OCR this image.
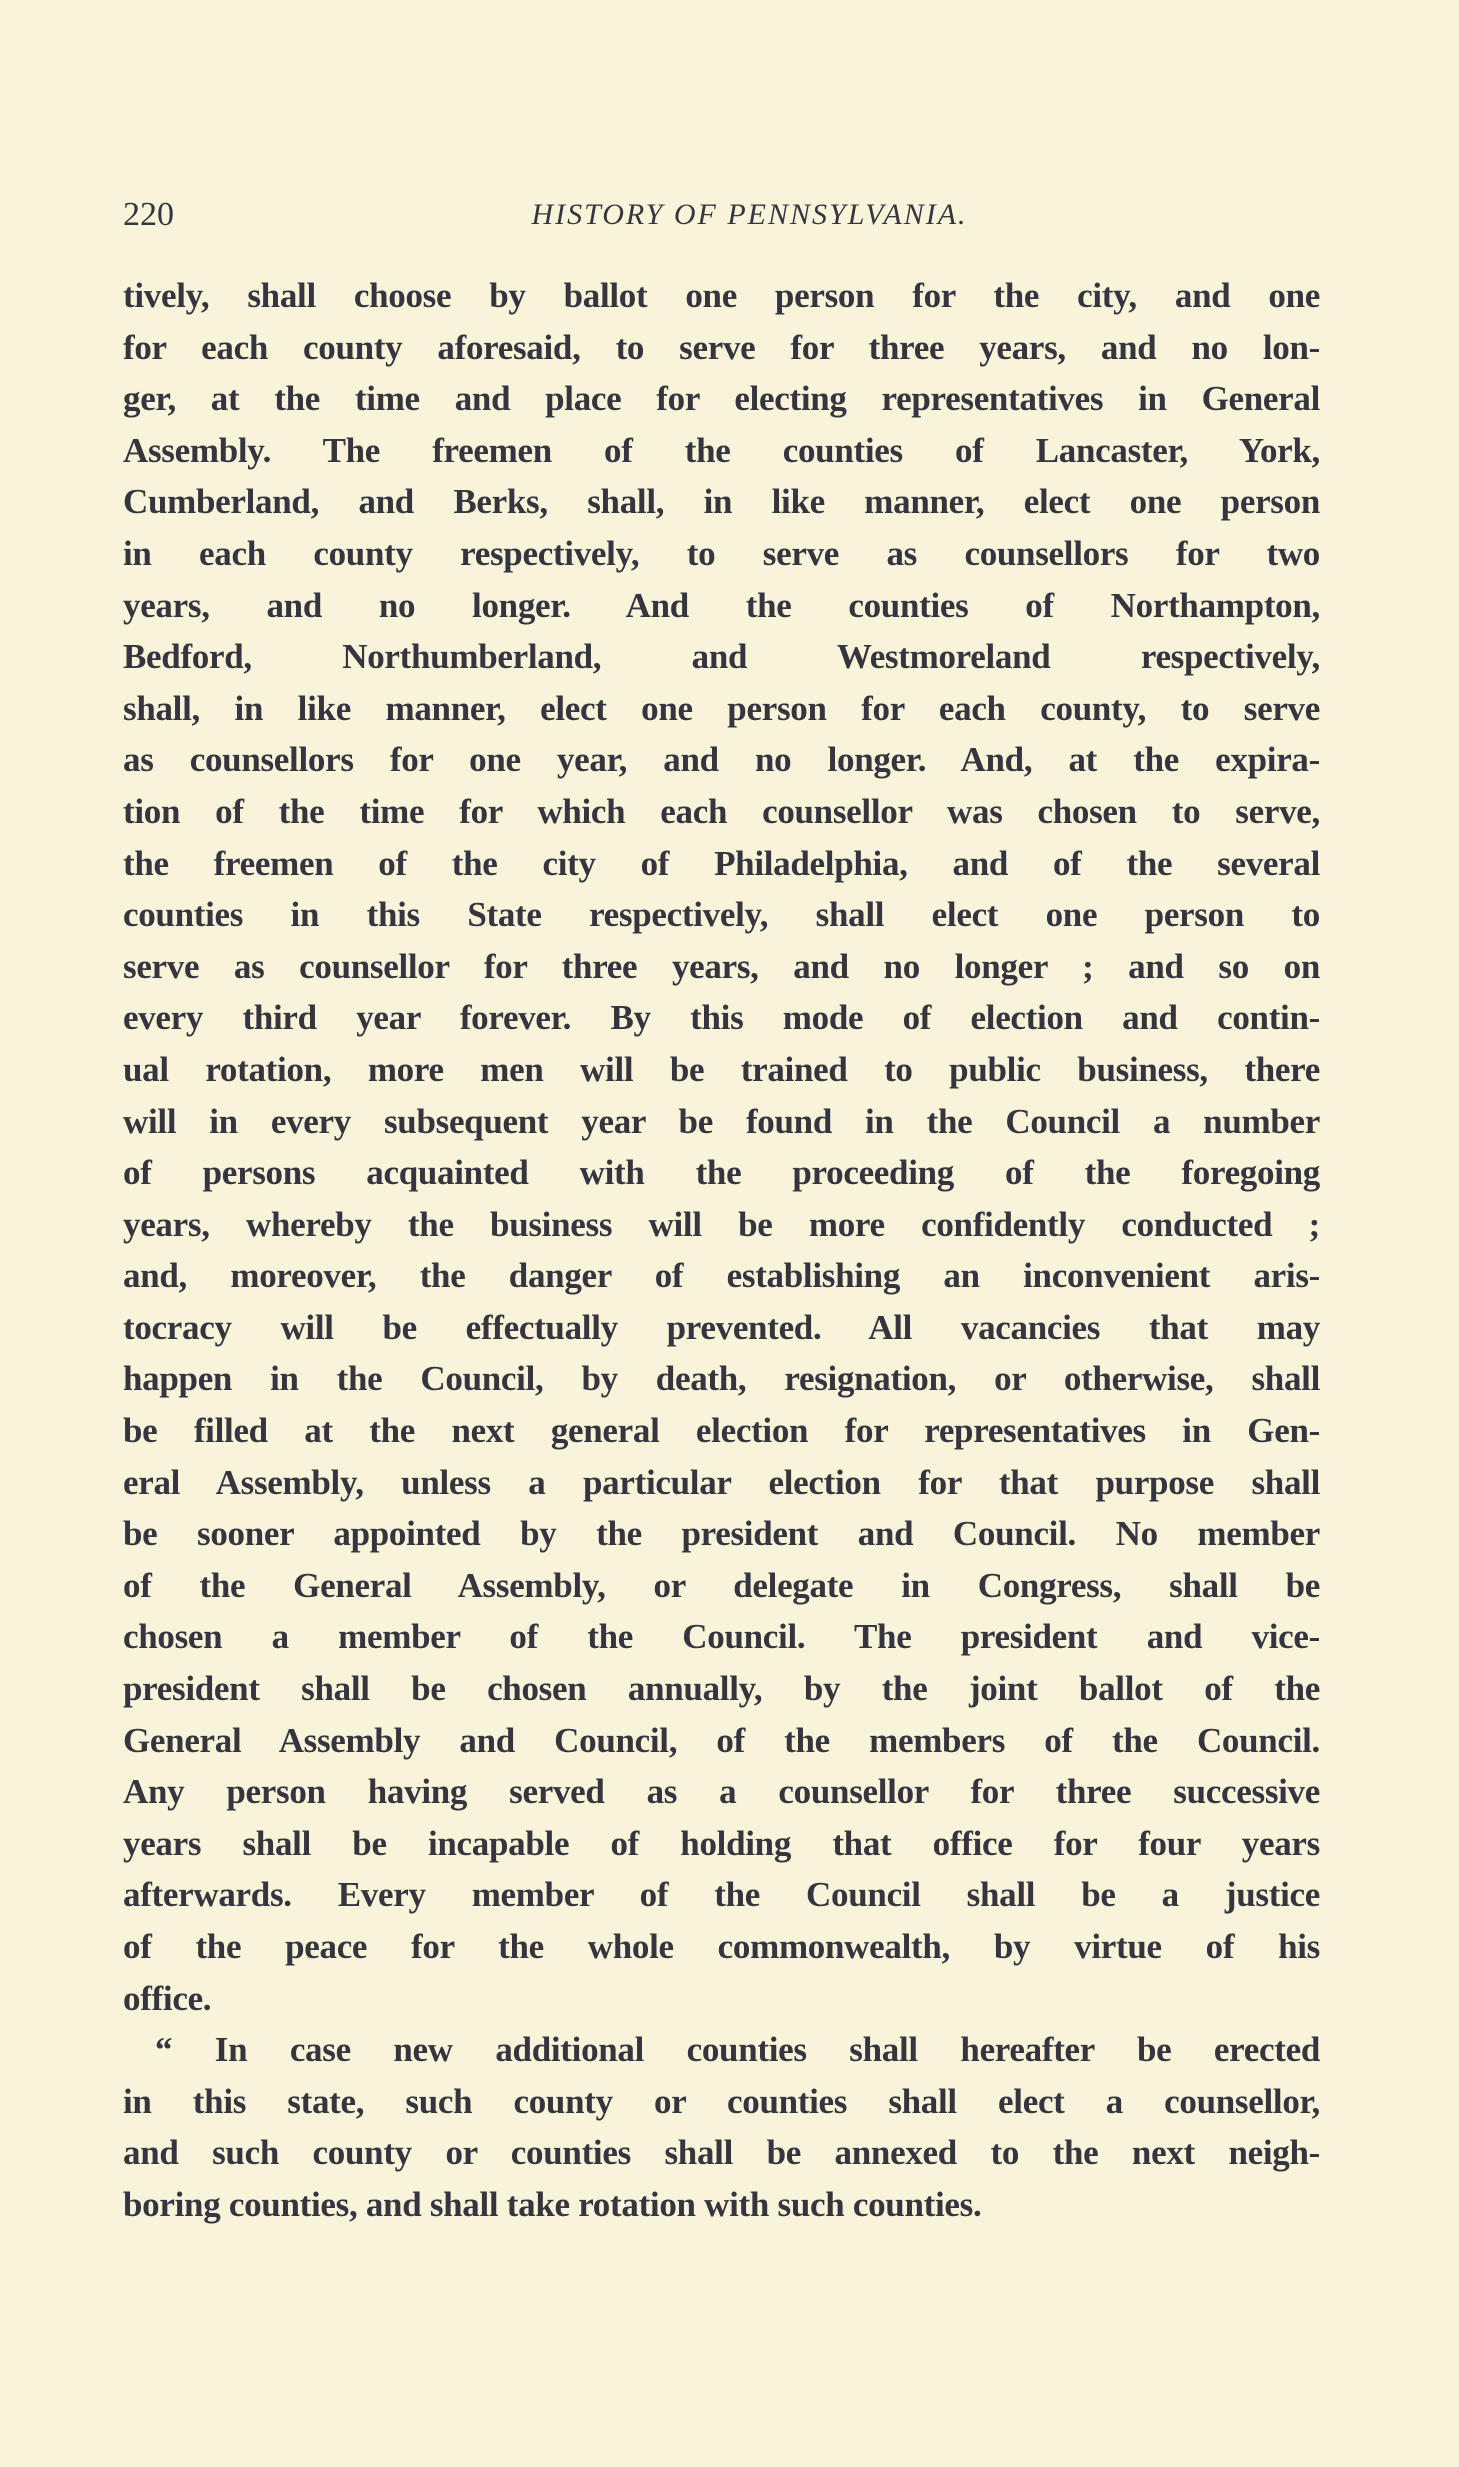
220	HISTORY OF PENNSYLVANIA.
tively, shall choose by ballot one person for the city, and one
for each county aforesaid, to serve for three years, and no lon-
ger, at the time and place for electing representatives in General
Assembly. The freemen of the counties of Lancaster, York,
Cumberland, and Berks, shall, in like manner, elect one person
in each county respectively, to serve as counsellors for two
years, and no longer. And the counties of Northampton,
Bedford, Northumberland, and Westmoreland respectively,
shall, in like manner, elect one person for each county, to serve
as counsellors for one year, and no longer. And, at the expira-
tion of the time for which each counsellor was chosen to serve,
the freemen of the city of Philadelphia, and of the several
counties in this State respectively, shall elect one person to
serve as counsellor for three years, and no longer ; and so on
every third year forever. By this mode of election and contin-
ual rotation, more men will be trained to public business, there
will in every subsequent year be found in the Council a number
of persons acquainted with the proceeding of the foregoing
years, whereby the business will be more confidently conducted ;
and, moreover, the danger of establishing an inconvenient aris-
tocracy will be effectually prevented. All vacancies that may
happen in the Council, by death, resignation, or otherwise, shall
be filled at the next general election for representatives in Gen-
eral Assembly, unless a particular election for that purpose shall
be sooner appointed by the president and Council. No member
of the General Assembly, or delegate in Congress, shall be
chosen a member of the Council. The president and vice-
president shall be chosen annually, by the joint ballot of the
General Assembly and Council, of the members of the Council.
Any person having served as a counsellor for three successive
years shall be incapable of holding that office for four years
afterwards. Every member of the Council shall be a justice
of the peace for the whole commonwealth, by virtue of his
office.
“ In case new additional counties shall hereafter be erected
in this state, such county or counties shall elect a counsellor,
and such county or counties shall be annexed to the next neigh-
boring counties, and shall take rotation with such counties.
